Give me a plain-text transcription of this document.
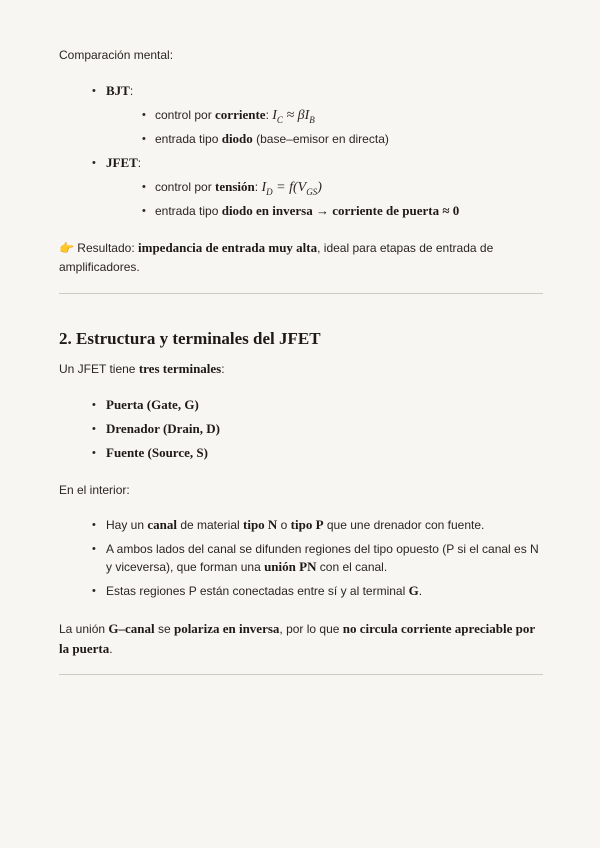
Comparación mental:

• BJT:
• control por corriente: $I_C \approx \beta I_B$
• entrada tipo diodo (base–emisor en directa)
• JFET:
• control por tensión: $I_D = f(V_{GS})$
• entrada tipo diodo en inversa → corriente de puerta ≈ 0

👉 Resultado: impedancia de entrada muy alta, ideal para etapas de entrada de amplificadores.

2. Estructura y terminales del JFET

Un JFET tiene tres terminales:

• Puerta (Gate, G)
• Drenador (Drain, D)
• Fuente (Source, S)

En el interior:

• Hay un canal de material tipo N o tipo P que une drenador con fuente.
• A ambos lados del canal se difunden regiones del tipo opuesto (P si el canal es N y viceversa), que forman una unión PN con el canal.
• Estas regiones P están conectadas entre sí y al terminal G.

La unión G–canal se polariza en inversa, por lo que no circula corriente apreciable por la puerta.
